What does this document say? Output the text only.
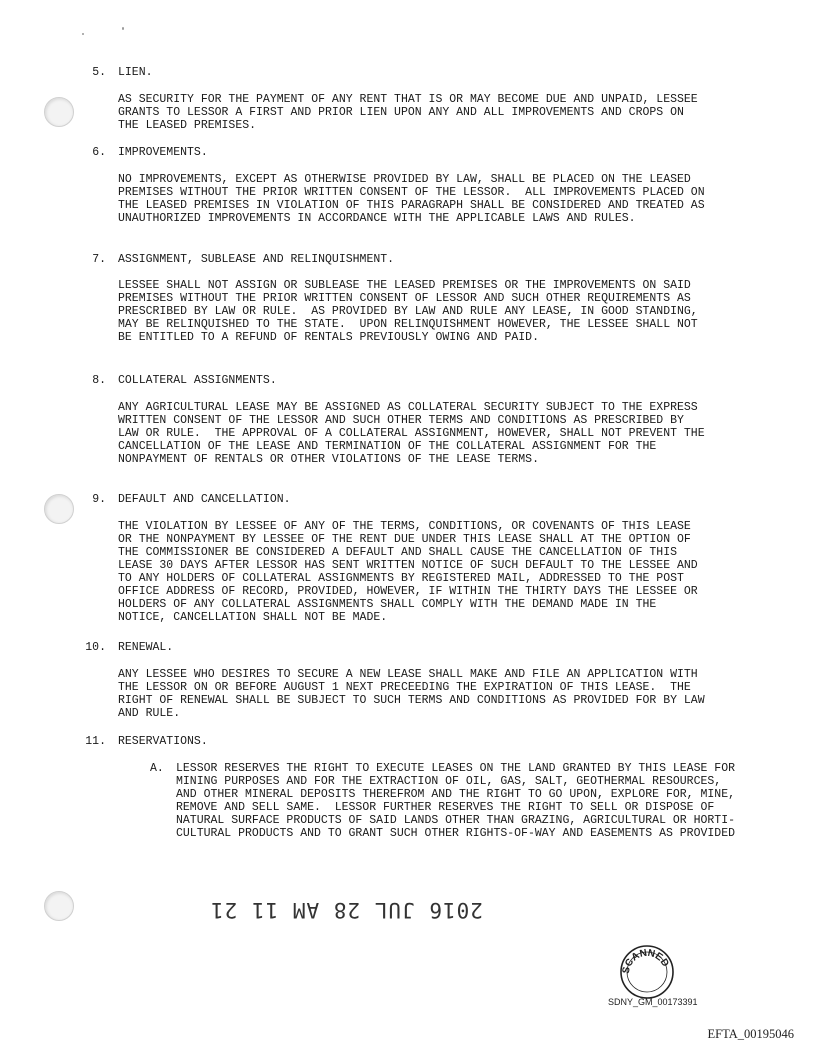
5. LIEN.
AS SECURITY FOR THE PAYMENT OF ANY RENT THAT IS OR MAY BECOME DUE AND UNPAID, LESSEE
GRANTS TO LESSOR A FIRST AND PRIOR LIEN UPON ANY AND ALL IMPROVEMENTS AND CROPS ON
THE LEASED PREMISES.
6. IMPROVEMENTS.
NO IMPROVEMENTS, EXCEPT AS OTHERWISE PROVIDED BY LAW, SHALL BE PLACED ON THE LEASED
PREMISES WITHOUT THE PRIOR WRITTEN CONSENT OF THE LESSOR.  ALL IMPROVEMENTS PLACED ON
THE LEASED PREMISES IN VIOLATION OF THIS PARAGRAPH SHALL BE CONSIDERED AND TREATED AS
UNAUTHORIZED IMPROVEMENTS IN ACCORDANCE WITH THE APPLICABLE LAWS AND RULES.
7. ASSIGNMENT, SUBLEASE AND RELINQUISHMENT.
LESSEE SHALL NOT ASSIGN OR SUBLEASE THE LEASED PREMISES OR THE IMPROVEMENTS ON SAID
PREMISES WITHOUT THE PRIOR WRITTEN CONSENT OF LESSOR AND SUCH OTHER REQUIREMENTS AS
PRESCRIBED BY LAW OR RULE.  AS PROVIDED BY LAW AND RULE ANY LEASE, IN GOOD STANDING,
MAY BE RELINQUISHED TO THE STATE.  UPON RELINQUISHMENT HOWEVER, THE LESSEE SHALL NOT
BE ENTITLED TO A REFUND OF RENTALS PREVIOUSLY OWING AND PAID.
8. COLLATERAL ASSIGNMENTS.
ANY AGRICULTURAL LEASE MAY BE ASSIGNED AS COLLATERAL SECURITY SUBJECT TO THE EXPRESS
WRITTEN CONSENT OF THE LESSOR AND SUCH OTHER TERMS AND CONDITIONS AS PRESCRIBED BY
LAW OR RULE.  THE APPROVAL OF A COLLATERAL ASSIGNMENT, HOWEVER, SHALL NOT PREVENT THE
CANCELLATION OF THE LEASE AND TERMINATION OF THE COLLATERAL ASSIGNMENT FOR THE
NONPAYMENT OF RENTALS OR OTHER VIOLATIONS OF THE LEASE TERMS.
9. DEFAULT AND CANCELLATION.
THE VIOLATION BY LESSEE OF ANY OF THE TERMS, CONDITIONS, OR COVENANTS OF THIS LEASE
OR THE NONPAYMENT BY LESSEE OF THE RENT DUE UNDER THIS LEASE SHALL AT THE OPTION OF
THE COMMISSIONER BE CONSIDERED A DEFAULT AND SHALL CAUSE THE CANCELLATION OF THIS
LEASE 30 DAYS AFTER LESSOR HAS SENT WRITTEN NOTICE OF SUCH DEFAULT TO THE LESSEE AND
TO ANY HOLDERS OF COLLATERAL ASSIGNMENTS BY REGISTERED MAIL, ADDRESSED TO THE POST
OFFICE ADDRESS OF RECORD, PROVIDED, HOWEVER, IF WITHIN THE THIRTY DAYS THE LESSEE OR
HOLDERS OF ANY COLLATERAL ASSIGNMENTS SHALL COMPLY WITH THE DEMAND MADE IN THE
NOTICE, CANCELLATION SHALL NOT BE MADE.
10. RENEWAL.
ANY LESSEE WHO DESIRES TO SECURE A NEW LEASE SHALL MAKE AND FILE AN APPLICATION WITH
THE LESSOR ON OR BEFORE AUGUST 1 NEXT PRECEEDING THE EXPIRATION OF THIS LEASE.  THE
RIGHT OF RENEWAL SHALL BE SUBJECT TO SUCH TERMS AND CONDITIONS AS PROVIDED FOR BY LAW
AND RULE.
11. RESERVATIONS.
A. LESSOR RESERVES THE RIGHT TO EXECUTE LEASES ON THE LAND GRANTED BY THIS LEASE FOR
MINING PURPOSES AND FOR THE EXTRACTION OF OIL, GAS, SALT, GEOTHERMAL RESOURCES,
AND OTHER MINERAL DEPOSITS THEREFROM AND THE RIGHT TO GO UPON, EXPLORE FOR, MINE,
REMOVE AND SELL SAME.  LESSOR FURTHER RESERVES THE RIGHT TO SELL OR DISPOSE OF
NATURAL SURFACE PRODUCTS OF SAID LANDS OTHER THAN GRAZING, AGRICULTURAL OR HORTI-
CULTURAL PRODUCTS AND TO GRANT SUCH OTHER RIGHTS-OF-WAY AND EASEMENTS AS PROVIDED
2016 JUL 28 AM 11 21
SCANNED
SDNY_GM_00173391
EFTA_00195046
